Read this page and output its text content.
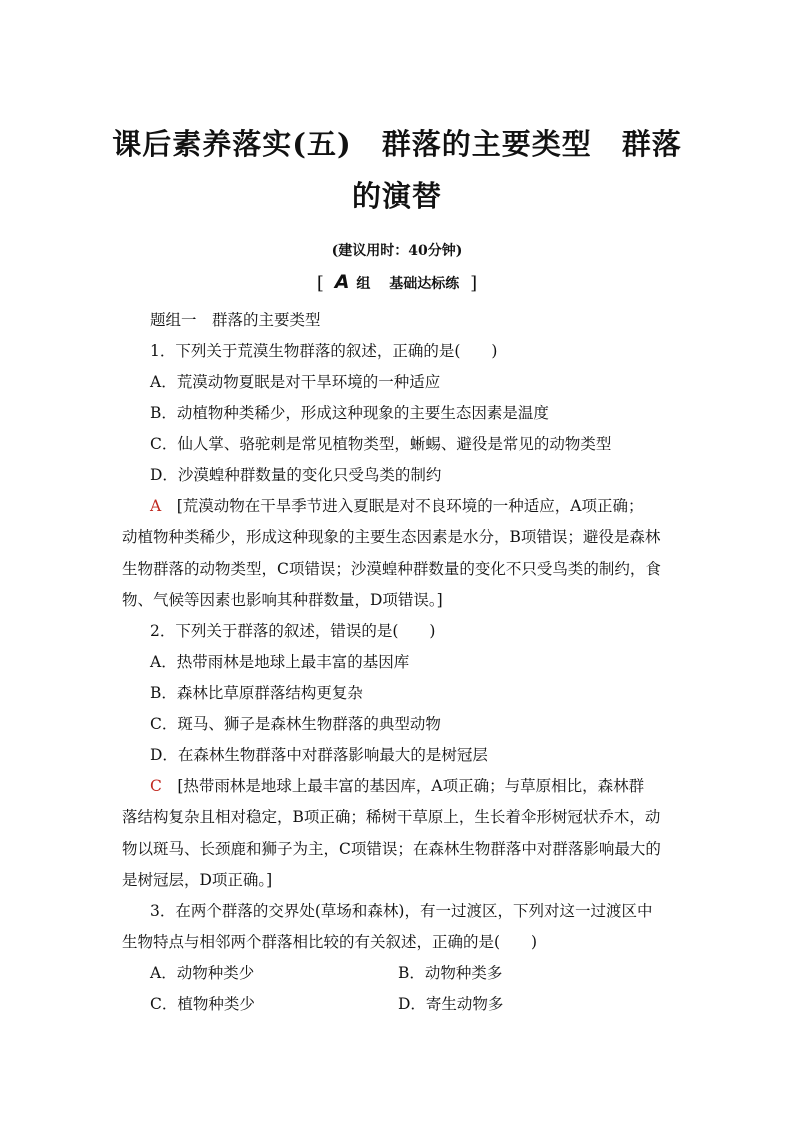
课后素养落实(五)　群落的主要类型　群落
的演替
(建议用时：40分钟)
[ A 组 基础达标练 ]
题组一　群落的主要类型
1．下列关于荒漠生物群落的叙述，正确的是(　　)
A．荒漠动物夏眠是对干旱环境的一种适应
B．动植物种类稀少，形成这种现象的主要生态因素是温度
C．仙人掌、骆驼刺是常见植物类型，蜥蜴、避役是常见的动物类型
D．沙漠蝗种群数量的变化只受鸟类的制约
A  [荒漠动物在干旱季节进入夏眠是对不良环境的一种适应，A项正确；
动植物种类稀少，形成这种现象的主要生态因素是水分，B项错误；避役是森林
生物群落的动物类型，C项错误；沙漠蝗种群数量的变化不只受鸟类的制约，食
物、气候等因素也影响其种群数量，D项错误。]
2．下列关于群落的叙述，错误的是(　　)
A．热带雨林是地球上最丰富的基因库
B．森林比草原群落结构更复杂
C．斑马、狮子是森林生物群落的典型动物
D．在森林生物群落中对群落影响最大的是树冠层
C  [热带雨林是地球上最丰富的基因库，A项正确；与草原相比，森林群
落结构复杂且相对稳定，B项正确；稀树干草原上，生长着伞形树冠状乔木，动
物以斑马、长颈鹿和狮子为主，C项错误；在森林生物群落中对群落影响最大的
是树冠层，D项正确。]
3．在两个群落的交界处(草场和森林)，有一过渡区，下列对这一过渡区中
生物特点与相邻两个群落相比较的有关叙述，正确的是(　　)
A．动物种类少	B．动物种类多
C．植物种类少	D．寄生动物多
